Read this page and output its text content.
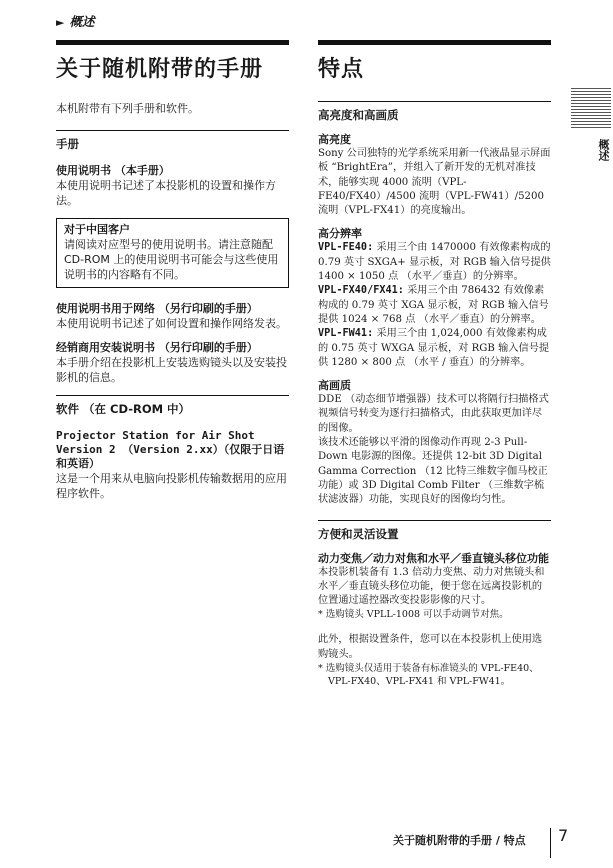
► 概述
关于随机附带的手册

本机附带有下列手册和软件。

手册
使用说明书 （本手册）

本使用说明书记述了本投影机的设置和操作方法。

对于中国客户

请阅读对应型号的使用说明书。请注意随配 CD-ROM 上的使用说明书可能会与这些使用说明书的内容略有不同。

使用说明书用于网络 （另行印刷的手册）

本使用说明书记述了如何设置和操作网络发表。

经销商用安装说明书 （另行印刷的手册）

本手册介绍在投影机上安装选购镜头以及安装投影机的信息。

软件 （在 CD-ROM 中）
Projector Station for Air Shot Version 2 （Version 2.xx）（仅限于日语和英语）

这是一个用来从电脑向投影机传输数据用的应用程序软件。

特点
高亮度和高画质
高亮度

Sony 公司独特的光学系统采用新一代液晶显示屏面板 “BrightEra”，并组入了新开发的无机对准技术，能够实现 4000 流明（VPL-FE40/FX40）/4500 流明（VPL-FW41）/5200 流明（VPL-FX41）的亮度输出。

高分辨率

VPL-FE40: 采用三个由 1470000 有效像素构成的 0.79 英寸 SXGA+ 显示板，对 RGB 输入信号提供 1400 × 1050 点 （水平／垂直）的分辨率。

VPL-FX40/FX41: 采用三个由 786432 有效像素构成的 0.79 英寸 XGA 显示板，对 RGB 输入信号提供 1024 × 768 点 （水平／垂直）的分辨率。

VPL-FW41: 采用三个由 1,024,000 有效像素构成的 0.75 英寸 WXGA 显示板，对 RGB 输入信号提供 1280 × 800 点 （水平 / 垂直）的分辨率。

高画质

DDE （动态细节增强器）技术可以将隔行扫描格式视频信号转变为逐行扫描格式，由此获取更加详尽的图像。

该技术还能够以平滑的图像动作再现 2-3 Pull-Down 电影源的图像。还提供 12-bit 3D Digital Gamma Correction （12 比特三维数字伽马校正功能）或 3D Digital Comb Filter （三维数字梳状滤波器）功能，实现良好的图像均匀性。

方便和灵活设置
动力变焦／动力对焦和水平／垂直镜头移位功能

本投影机装备有 1.3 倍动力变焦、动力对焦镜头和水平／垂直镜头移位功能，便于您在远离投影机的位置通过遥控器改变投影影像的尺寸。

* 选购镜头 VPLL-1008 可以手动调节对焦。

此外，根据设置条件，您可以在本投影机上使用选购镜头。

* 选购镜头仅适用于装备有标准镜头的 VPL-FE40、VPL-FX40、VPL-FX41 和 VPL-FW41。
概述
关于随机附带的手册 / 特点 7
